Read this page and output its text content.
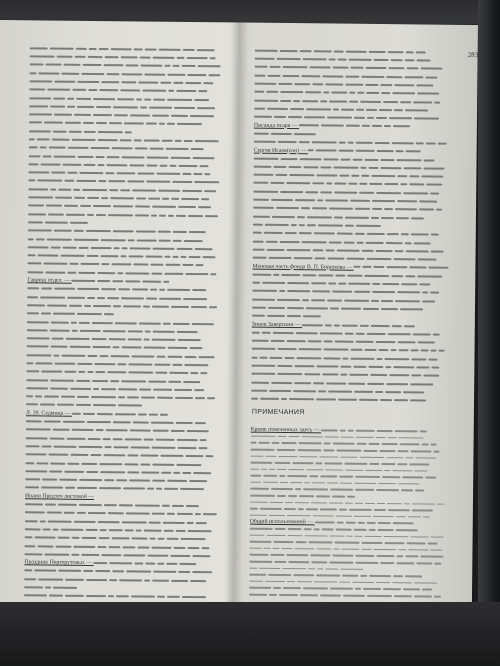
283
Гавриш отдел. —
Л. 39. Седмица —
Иоанн Предтеч листовой —
Праздник Пертерутовых —
Писанда псаря —
Сергея Исаев(сон) —
Меновая часть фонда В. П. Бирюкова —
Зинов Завертини —
ПРИМЕЧАНИЯ
Кроме отмеченных здесь —
Общий использований —
